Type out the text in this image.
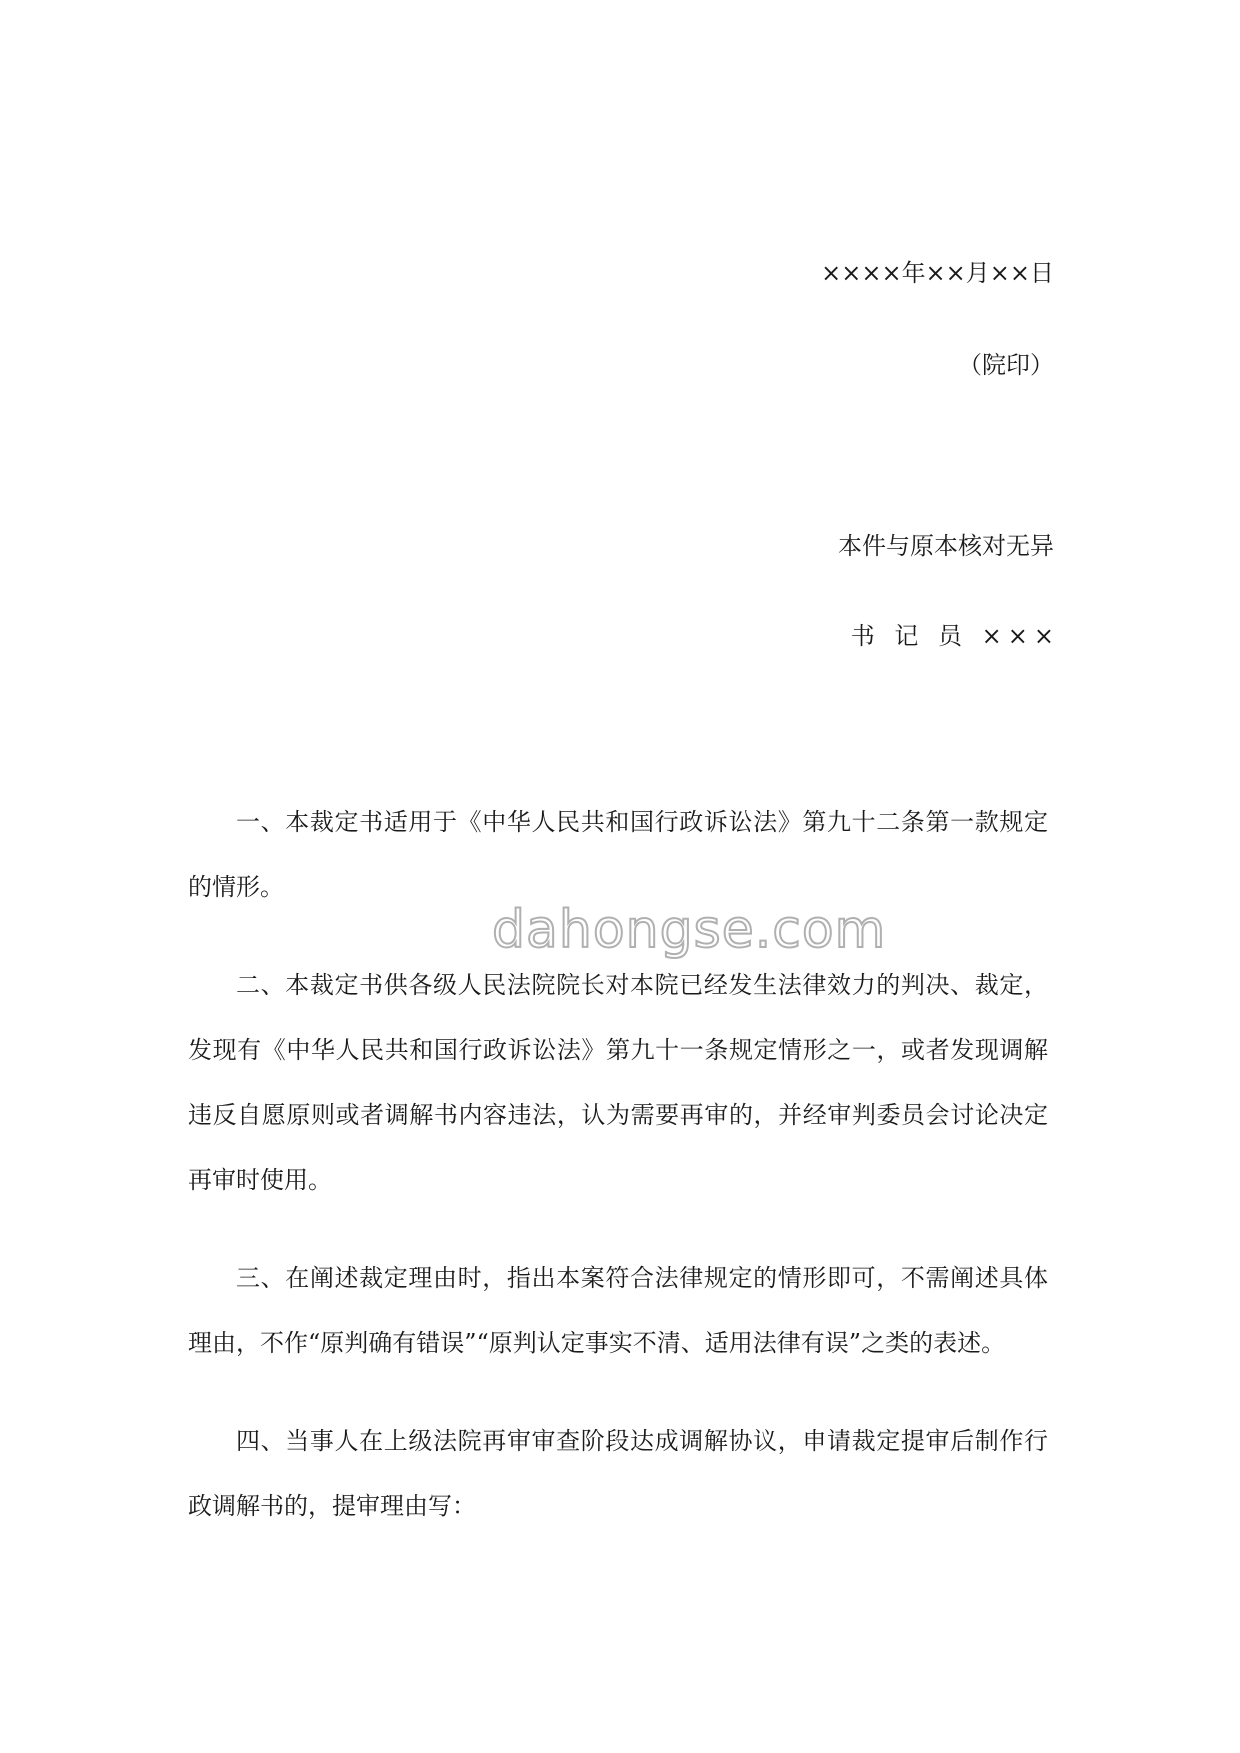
××××年××月××日
（院印）
本件与原本核对无异
书 记 员 ×××

一、本裁定书适用于《中华人民共和国行政诉讼法》第九十二条第一款规定的情形。

二、本裁定书供各级人民法院院长对本院已经发生法律效力的判决、裁定，发现有《中华人民共和国行政诉讼法》第九十一条规定情形之一，或者发现调解违反自愿原则或者调解书内容违法，认为需要再审的，并经审判委员会讨论决定再审时使用。

三、在阐述裁定理由时，指出本案符合法律规定的情形即可，不需阐述具体理由，不作“原判确有错误”“原判认定事实不清、适用法律有误”之类的表述。

四、当事人在上级法院再审审查阶段达成调解协议，申请裁定提审后制作行政调解书的，提审理由写：

dahongse.com
